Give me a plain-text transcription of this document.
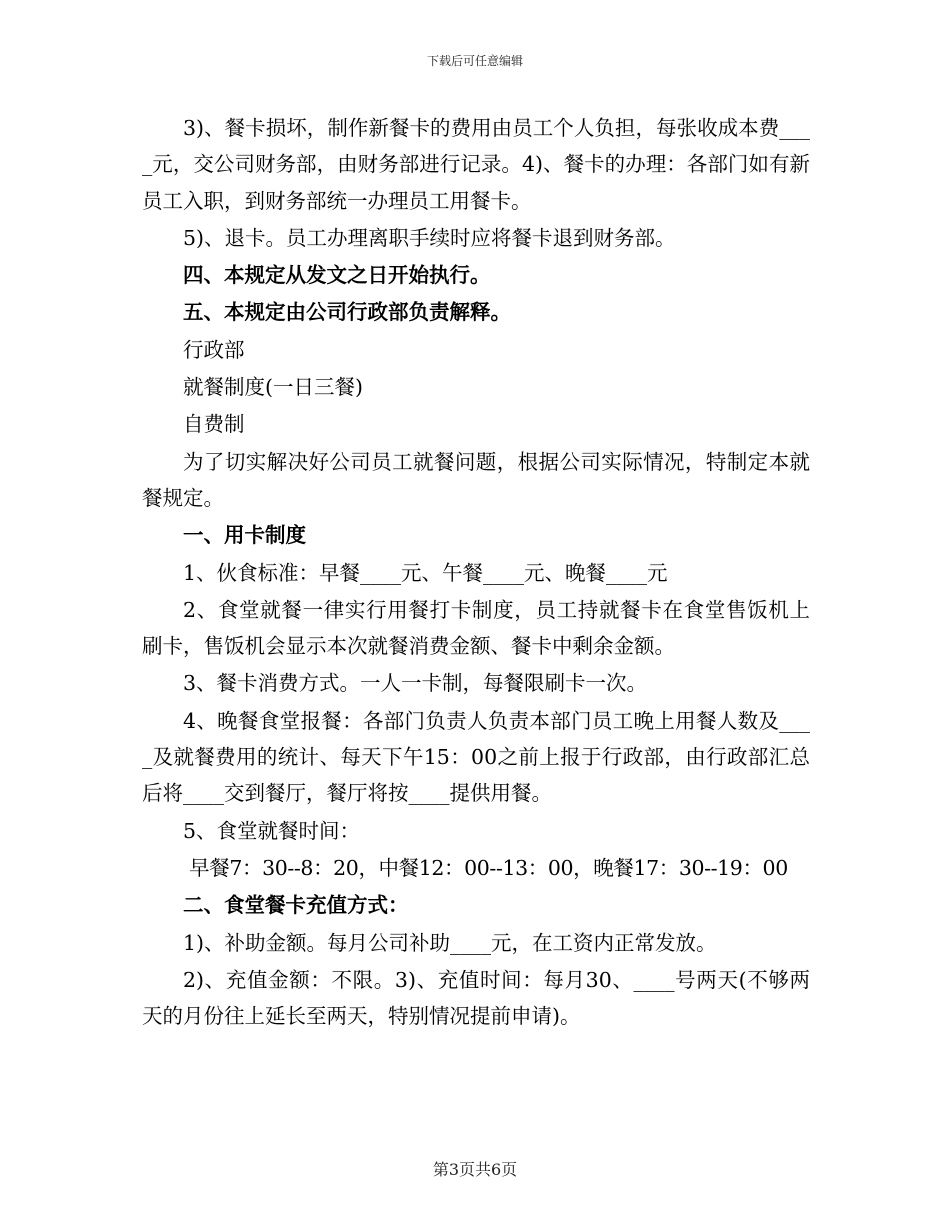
下载后可任意编辑

3)、餐卡损坏，制作新餐卡的费用由员工个人负担，每张收成本费____元，交公司财务部，由财务部进行记录。4)、餐卡的办理：各部门如有新员工入职，到财务部统一办理员工用餐卡。

5)、退卡。员工办理离职手续时应将餐卡退到财务部。

四、本规定从发文之日开始执行。

五、本规定由公司行政部负责解释。

行政部

就餐制度(一日三餐)

自费制

为了切实解决好公司员工就餐问题，根据公司实际情况，特制定本就餐规定。

一、用卡制度

1、伙食标准：早餐____元、午餐____元、晚餐____元

2、食堂就餐一律实行用餐打卡制度，员工持就餐卡在食堂售饭机上刷卡，售饭机会显示本次就餐消费金额、餐卡中剩余金额。

3、餐卡消费方式。一人一卡制，每餐限刷卡一次。

4、晚餐食堂报餐：各部门负责人负责本部门员工晚上用餐人数及____及就餐费用的统计、每天下午15：00之前上报于行政部，由行政部汇总后将____交到餐厅，餐厅将按____提供用餐。

5、食堂就餐时间：

早餐7：30--8：20，中餐12：00--13：00，晚餐17：30--19：00

二、食堂餐卡充值方式：

1)、补助金额。每月公司补助____元，在工资内正常发放。

2)、充值金额：不限。3)、充值时间：每月30、____号两天(不够两天的月份往上延长至两天，特别情况提前申请)。

第3页共6页
